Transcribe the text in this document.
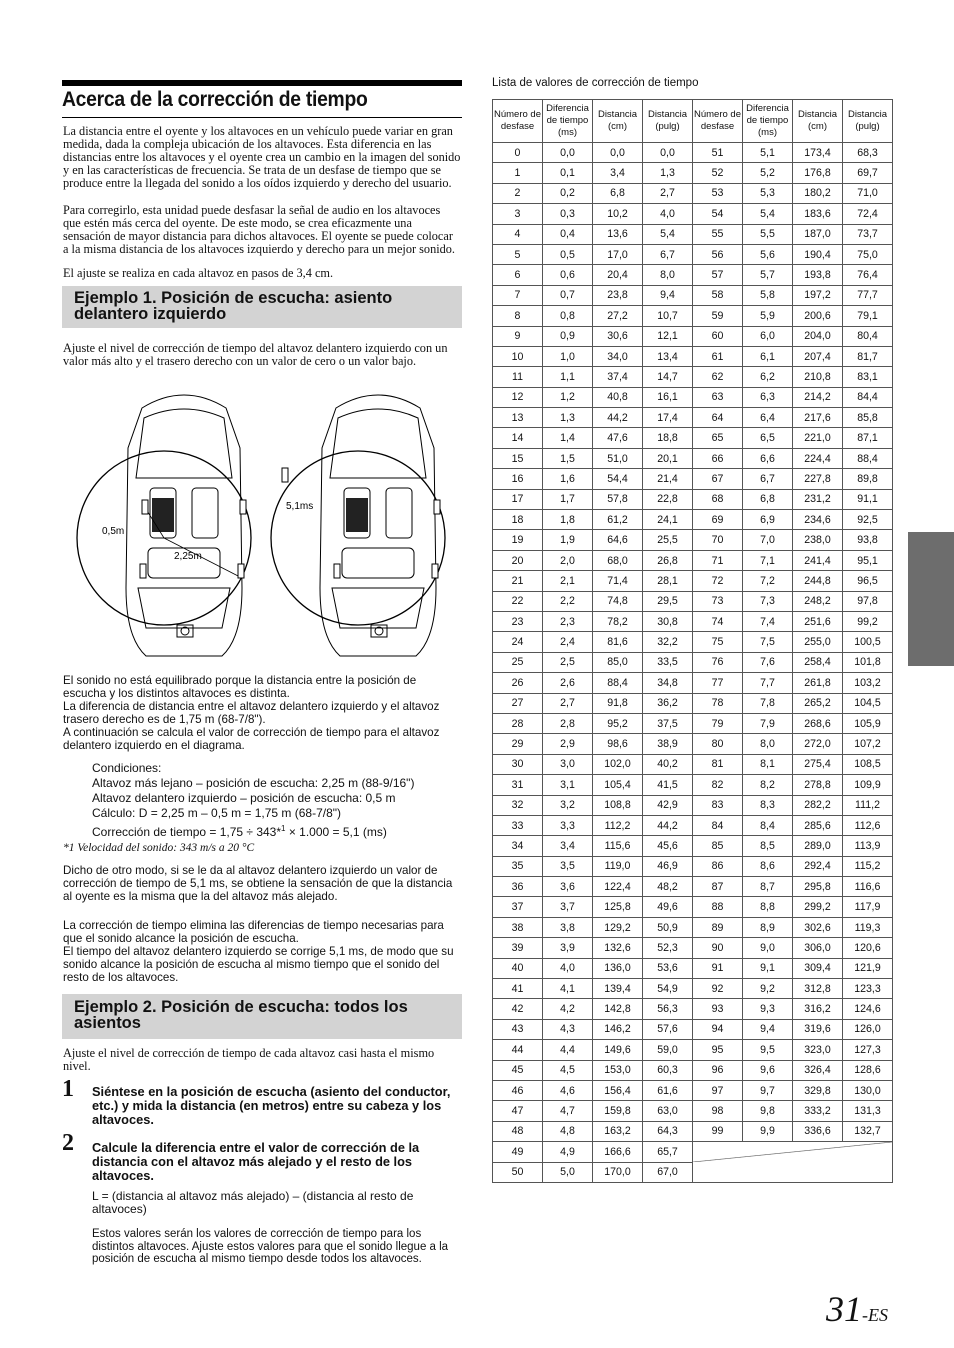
Acerca de la corrección de tiempo

La distancia entre el oyente y los altavoces en un vehículo puede variar en gran medida, dada la compleja ubicación de los altavoces. Esta diferencia en las distancias entre los altavoces y el oyente crea un cambio en la imagen del sonido y en las características de frecuencia. Se trata de un desfase de tiempo que se produce entre la llegada del sonido a los oídos izquierdo y derecho del usuario.

Para corregirlo, esta unidad puede desfasar la señal de audio en los altavoces que estén más cerca del oyente. De este modo, se crea eficazmente una sensación de mayor distancia para dichos altavoces. El oyente se puede colocar a la misma distancia de los altavoces izquierdo y derecho para un mejor sonido.

El ajuste se realiza en cada altavoz en pasos de 3,4 cm.

Ejemplo 1. Posición de escucha: asiento delantero izquierdo

Ajuste el nivel de corrección de tiempo del altavoz delantero izquierdo con un valor más alto y el trasero derecho con un valor de cero o un valor bajo.

0,5m
2,25m
5,1ms

El sonido no está equilibrado porque la distancia entre la posición de escucha y los distintos altavoces es distinta.

La diferencia de distancia entre el altavoz delantero izquierdo y el altavoz trasero derecho es de 1,75 m (68-7/8").

A continuación se calcula el valor de corrección de tiempo para el altavoz delantero izquierdo en el diagrama.

Condiciones:
Altavoz más lejano – posición de escucha: 2,25 m (88-9/16")
Altavoz delantero izquierdo – posición de escucha: 0,5 m
Cálculo: D = 2,25 m – 0,5 m = 1,75 m (68-7/8")
Corrección de tiempo = 1,75 ÷ 343*$^1$ × 1.000 = 5,1 (ms)
*1 Velocidad del sonido: 343 m/s a 20 °C

Dicho de otro modo, si se le da al altavoz delantero izquierdo un valor de corrección de tiempo de 5,1 ms, se obtiene la sensación de que la distancia al oyente es la misma que la del altavoz más alejado.

La corrección de tiempo elimina las diferencias de tiempo necesarias para que el sonido alcance la posición de escucha.

El tiempo del altavoz delantero izquierdo se corrige 5,1 ms, de modo que su sonido alcance la posición de escucha al mismo tiempo que el sonido del resto de los altavoces.

Ejemplo 2. Posición de escucha: todos los asientos

Ajuste el nivel de corrección de tiempo de cada altavoz casi hasta el mismo nivel.

1 Siéntese en la posición de escucha (asiento del conductor, etc.) y mida la distancia (en metros) entre su cabeza y los altavoces.

2 Calcule la diferencia entre el valor de corrección de la distancia con el altavoz más alejado y el resto de los altavoces.

L = (distancia al altavoz más alejado) – (distancia al resto de altavoces)

Estos valores serán los valores de corrección de tiempo para los distintos altavoces. Ajuste estos valores para que el sonido llegue a la posición de escucha al mismo tiempo desde todos los altavoces.

Lista de valores de corrección de tiempo
Número de desfase	Diferencia de tiempo (ms)	Distancia (cm)	Distancia (pulg)	Número de desfase	Diferencia de tiempo (ms)	Distancia (cm)	Distancia (pulg)
0	0,0	0,0	0,0	51	5,1	173,4	68,3
1	0,1	3,4	1,3	52	5,2	176,8	69,7
2	0,2	6,8	2,7	53	5,3	180,2	71,0
3	0,3	10,2	4,0	54	5,4	183,6	72,4
4	0,4	13,6	5,4	55	5,5	187,0	73,7
5	0,5	17,0	6,7	56	5,6	190,4	75,0
6	0,6	20,4	8,0	57	5,7	193,8	76,4
7	0,7	23,8	9,4	58	5,8	197,2	77,7
8	0,8	27,2	10,7	59	5,9	200,6	79,1
9	0,9	30,6	12,1	60	6,0	204,0	80,4
10	1,0	34,0	13,4	61	6,1	207,4	81,7
11	1,1	37,4	14,7	62	6,2	210,8	83,1
12	1,2	40,8	16,1	63	6,3	214,2	84,4
13	1,3	44,2	17,4	64	6,4	217,6	85,8
14	1,4	47,6	18,8	65	6,5	221,0	87,1
15	1,5	51,0	20,1	66	6,6	224,4	88,4
16	1,6	54,4	21,4	67	6,7	227,8	89,8
17	1,7	57,8	22,8	68	6,8	231,2	91,1
18	1,8	61,2	24,1	69	6,9	234,6	92,5
19	1,9	64,6	25,5	70	7,0	238,0	93,8
20	2,0	68,0	26,8	71	7,1	241,4	95,1
21	2,1	71,4	28,1	72	7,2	244,8	96,5
22	2,2	74,8	29,5	73	7,3	248,2	97,8
23	2,3	78,2	30,8	74	7,4	251,6	99,2
24	2,4	81,6	32,2	75	7,5	255,0	100,5
25	2,5	85,0	33,5	76	7,6	258,4	101,8
26	2,6	88,4	34,8	77	7,7	261,8	103,2
27	2,7	91,8	36,2	78	7,8	265,2	104,5
28	2,8	95,2	37,5	79	7,9	268,6	105,9
29	2,9	98,6	38,9	80	8,0	272,0	107,2
30	3,0	102,0	40,2	81	8,1	275,4	108,5
31	3,1	105,4	41,5	82	8,2	278,8	109,9
32	3,2	108,8	42,9	83	8,3	282,2	111,2
33	3,3	112,2	44,2	84	8,4	285,6	112,6
34	3,4	115,6	45,6	85	8,5	289,0	113,9
35	3,5	119,0	46,9	86	8,6	292,4	115,2
36	3,6	122,4	48,2	87	8,7	295,8	116,6
37	3,7	125,8	49,6	88	8,8	299,2	117,9
38	3,8	129,2	50,9	89	8,9	302,6	119,3
39	3,9	132,6	52,3	90	9,0	306,0	120,6
40	4,0	136,0	53,6	91	9,1	309,4	121,9
41	4,1	139,4	54,9	92	9,2	312,8	123,3
42	4,2	142,8	56,3	93	9,3	316,2	124,6
43	4,3	146,2	57,6	94	9,4	319,6	126,0
44	4,4	149,6	59,0	95	9,5	323,0	127,3
45	4,5	153,0	60,3	96	9,6	326,4	128,6
46	4,6	156,4	61,6	97	9,7	329,8	130,0
47	4,7	159,8	63,0	98	9,8	333,2	131,3
48	4,8	163,2	64,3	99	9,9	336,6	132,7
49	4,9	166,6	65,7				
50	5,0	170,0	67,0				
31-ES
